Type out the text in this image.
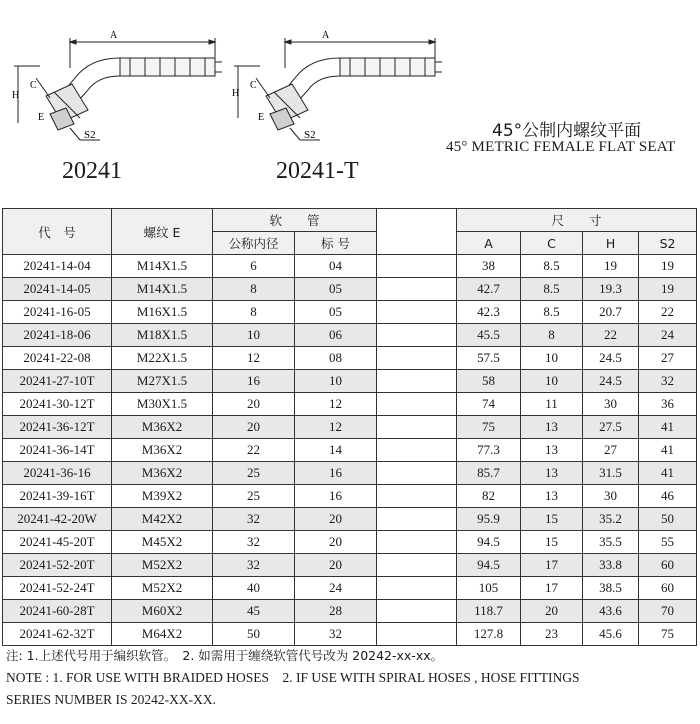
A
H
C
E
S2
20241
A
H
C
E
S2
20241-T
45°公制内螺纹平面
45° METRIC FEMALE FLAT SEAT
代　号	螺纹 E	软　　管			尺　　寸			
		公称内径	标 号		A	C	H	S2
20241-14-04	M14X1.5	6	04		38	8.5	19	19
20241-14-05	M14X1.5	8	05		42.7	8.5	19.3	19
20241-16-05	M16X1.5	8	05		42.3	8.5	20.7	22
20241-18-06	M18X1.5	10	06		45.5	8	22	24
20241-22-08	M22X1.5	12	08		57.5	10	24.5	27
20241-27-10T	M27X1.5	16	10		58	10	24.5	32
20241-30-12T	M30X1.5	20	12		74	11	30	36
20241-36-12T	M36X2	20	12		75	13	27.5	41
20241-36-14T	M36X2	22	14		77.3	13	27	41
20241-36-16	M36X2	25	16		85.7	13	31.5	41
20241-39-16T	M39X2	25	16		82	13	30	46
20241-42-20W	M42X2	32	20		95.9	15	35.2	50
20241-45-20T	M45X2	32	20		94.5	15	35.5	55
20241-52-20T	M52X2	32	20		94.5	17	33.8	60
20241-52-24T	M52X2	40	24		105	17	38.5	60
20241-60-28T	M60X2	45	28		118.7	20	43.6	70
20241-62-32T	M64X2	50	32		127.8	23	45.6	75
注: 1.上述代号用于编织软管。　2. 如需用于缠绕软管代号改为 20242-xx-xx。
NOTE : 1. FOR USE WITH BRAIDED HOSES　2. IF USE WITH SPIRAL HOSES , HOSE FITTINGS
SERIES NUMBER IS 20242-XX-XX.
